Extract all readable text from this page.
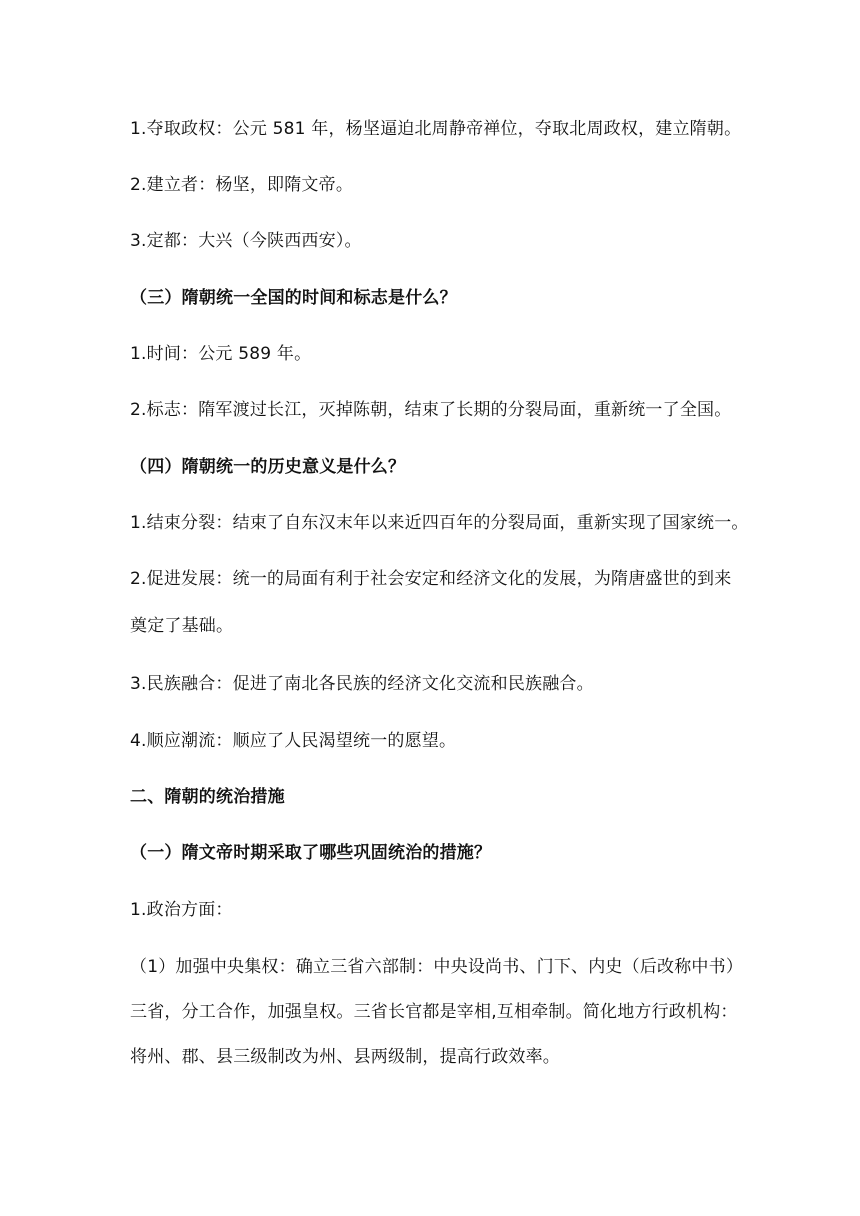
1.夺取政权：公元 581 年，杨坚逼迫北周静帝禅位，夺取北周政权，建立隋朝。
2.建立者：杨坚，即隋文帝。
3.定都：大兴（今陕西西安）。
（三）隋朝统一全国的时间和标志是什么？
1.时间：公元 589 年。
2.标志：隋军渡过长江，灭掉陈朝，结束了长期的分裂局面，重新统一了全国。
（四）隋朝统一的历史意义是什么？
1.结束分裂：结束了自东汉末年以来近四百年的分裂局面，重新实现了国家统一。
2.促进发展：统一的局面有利于社会安定和经济文化的发展，为隋唐盛世的到来
奠定了基础。
3.民族融合：促进了南北各民族的经济文化交流和民族融合。
4.顺应潮流：顺应了人民渴望统一的愿望。
二、隋朝的统治措施
（一）隋文帝时期采取了哪些巩固统治的措施？
1.政治方面：
（1）加强中央集权：确立三省六部制：中央设尚书、门下、内史（后改称中书）
三省，分工合作，加强皇权。三省长官都是宰相,互相牵制。简化地方行政机构：
将州、郡、县三级制改为州、县两级制，提高行政效率。
